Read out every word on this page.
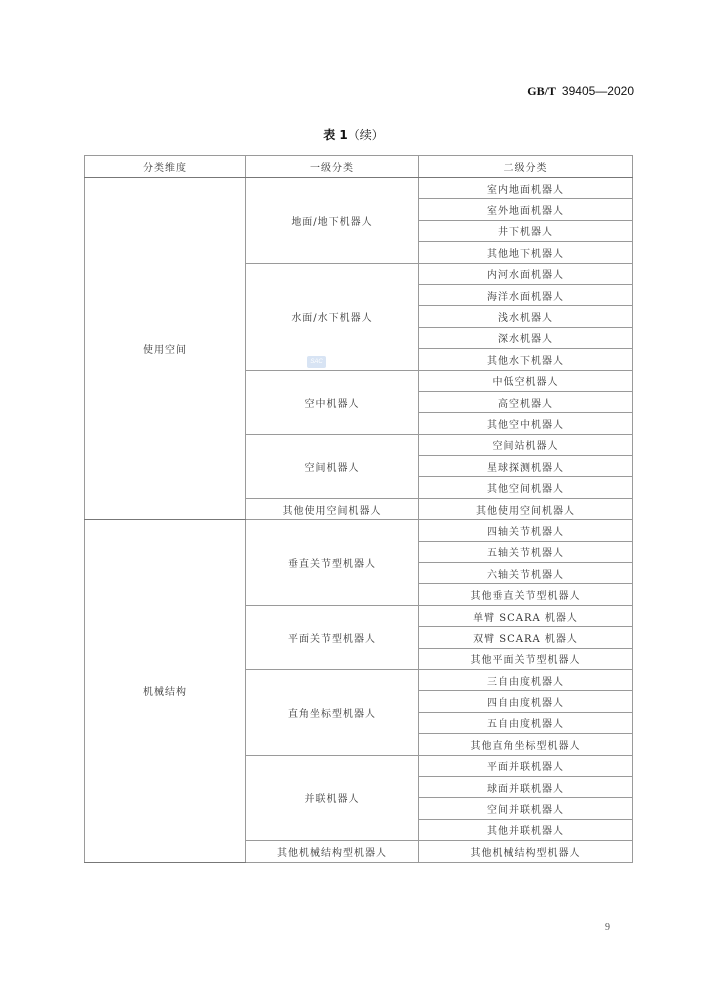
GB/T 39405—2020
表 1（续）
分类维度	一级分类	二级分类
使用空间	地面/地下机器人	室内地面机器人
		室外地面机器人
		井下机器人
		其他地下机器人
	水面/水下机器人	内河水面机器人
		海洋水面机器人
		浅水机器人
		深水机器人
		其他水下机器人
	空中机器人	中低空机器人
		高空机器人
		其他空中机器人
	空间机器人	空间站机器人
		星球探测机器人
		其他空间机器人
	其他使用空间机器人	其他使用空间机器人
机械结构	垂直关节型机器人	四轴关节机器人
		五轴关节机器人
		六轴关节机器人
		其他垂直关节型机器人
	平面关节型机器人	单臂 SCARA 机器人
		双臂 SCARA 机器人
		其他平面关节型机器人
	直角坐标型机器人	三自由度机器人
		四自由度机器人
		五自由度机器人
		其他直角坐标型机器人
	并联机器人	平面并联机器人
		球面并联机器人
		空间并联机器人
		其他并联机器人
	其他机械结构型机器人	其他机械结构型机器人
SAC
9
